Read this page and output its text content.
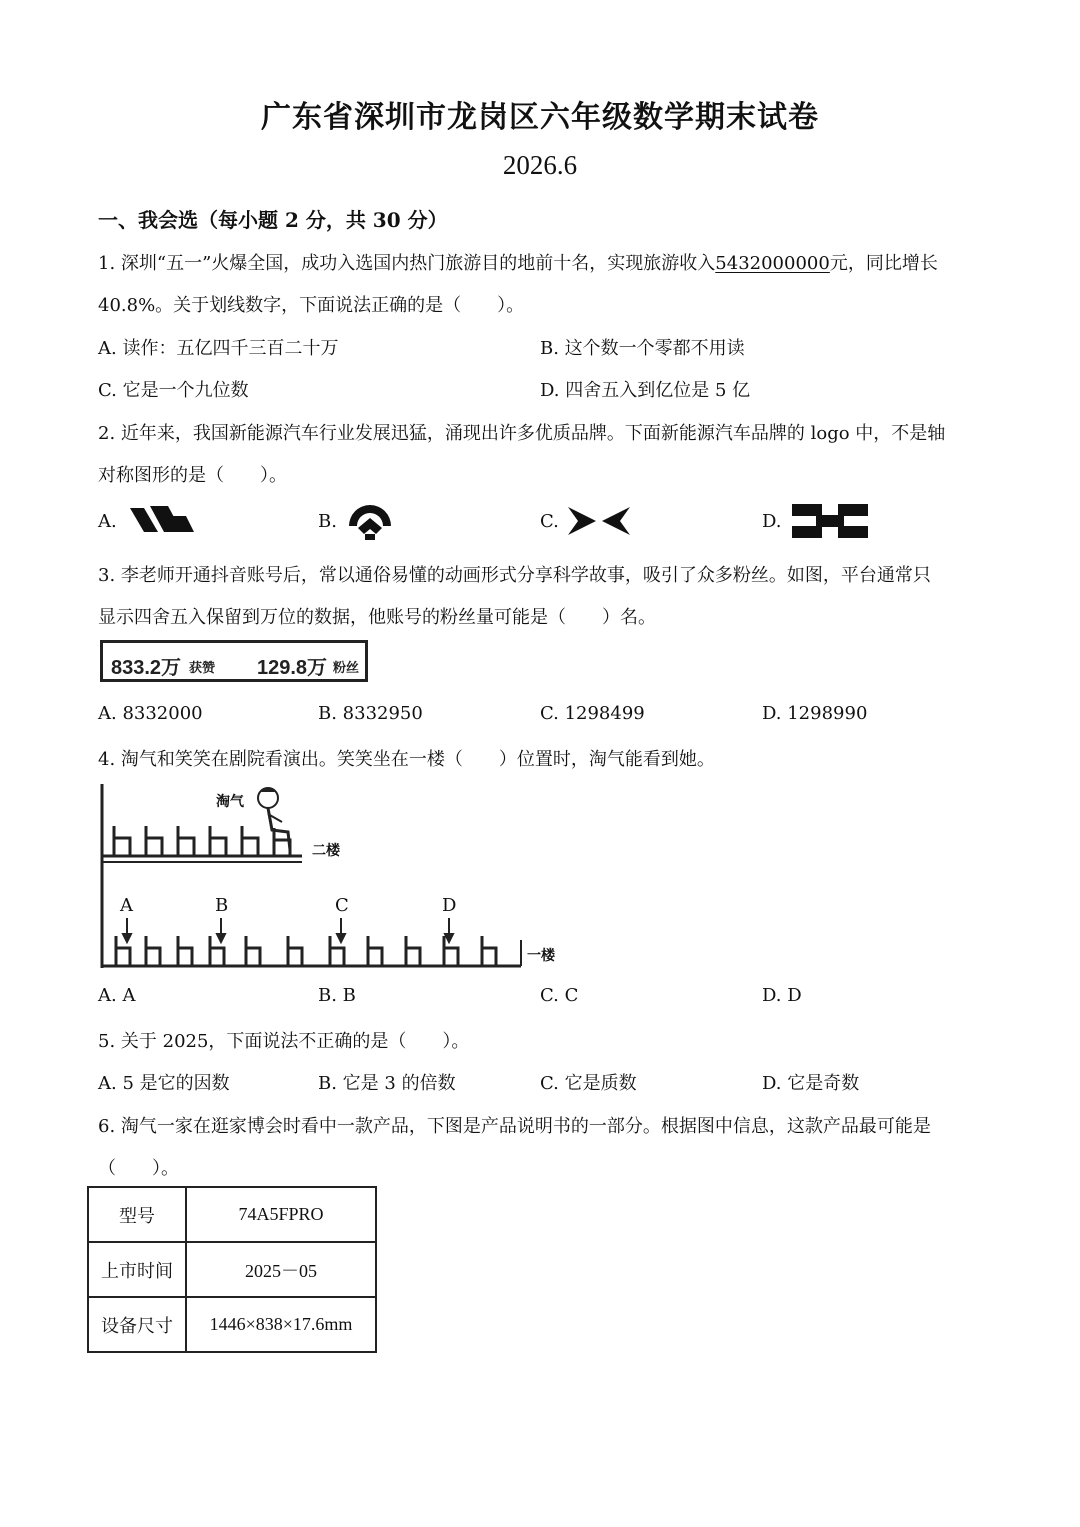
广东省深圳市龙岗区六年级数学期末试卷
2026.6
一、我会选（每小题 2 分，共 30 分）
1. 深圳“五一”火爆全国，成功入选国内热门旅游目的地前十名，实现旅游收入5432000000元，同比增长
40.8%。关于划线数字，下面说法正确的是（　　）。
A. 读作：五亿四千三百二十万	B. 这个数一个零都不用读
C. 它是一个九位数	D. 四舍五入到亿位是 5 亿
2. 近年来，我国新能源汽车行业发展迅猛，涌现出许多优质品牌。下面新能源汽车品牌的 logo 中，不是轴
对称图形的是（　　）。
A.	B.	C.	D.
3. 李老师开通抖音账号后，常以通俗易懂的动画形式分享科学故事，吸引了众多粉丝。如图，平台通常只
显示四舍五入保留到万位的数据，他账号的粉丝量可能是（　　）名。
833.2万 获赞 129.8万 粉丝
A. 8332000	B. 8332950	C. 1298499	D. 1298990
4. 淘气和笑笑在剧院看演出。笑笑坐在一楼（　　）位置时，淘气能看到她。
淘气
二楼
一楼
A	B	C	D
A. A	B. B	C. C	D. D
5. 关于 2025，下面说法不正确的是（　　）。
A. 5 是它的因数	B. 它是 3 的倍数	C. 它是质数	D. 它是奇数
6. 淘气一家在逛家博会时看中一款产品，下图是产品说明书的一部分。根据图中信息，这款产品最可能是
（　　）。
型号	74A5FPRO
上市时间	2025－05
设备尺寸	1446×838×17.6mm
